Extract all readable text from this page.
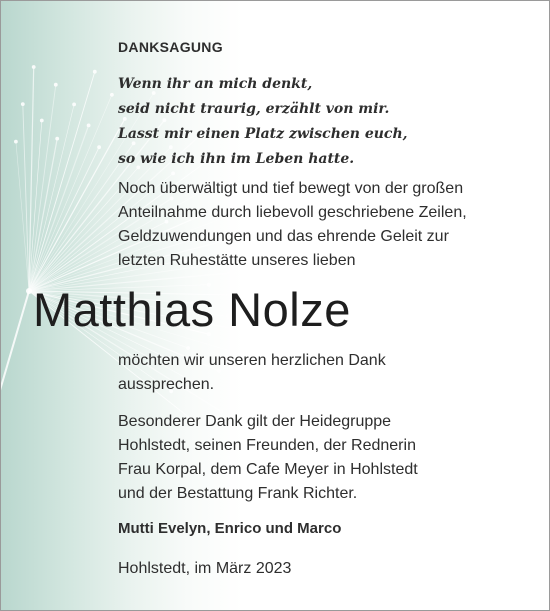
DANKSAGUNG
Wenn ihr an mich denkt,
seid nicht traurig, erzählt von mir.
Lasst mir einen Platz zwischen euch,
so wie ich ihn im Leben hatte.
Noch überwältigt und tief bewegt von der großen
Anteilnahme durch liebevoll geschriebene Zeilen,
Geldzuwendungen und das ehrende Geleit zur
letzten Ruhestätte unseres lieben
Matthias Nolze
möchten wir unseren herzlichen Dank
aussprechen.
Besonderer Dank gilt der Heidegruppe
Hohlstedt, seinen Freunden, der Rednerin
Frau Korpal, dem Cafe Meyer in Hohlstedt
und der Bestattung Frank Richter.
Mutti Evelyn, Enrico und Marco
Hohlstedt, im März 2023
